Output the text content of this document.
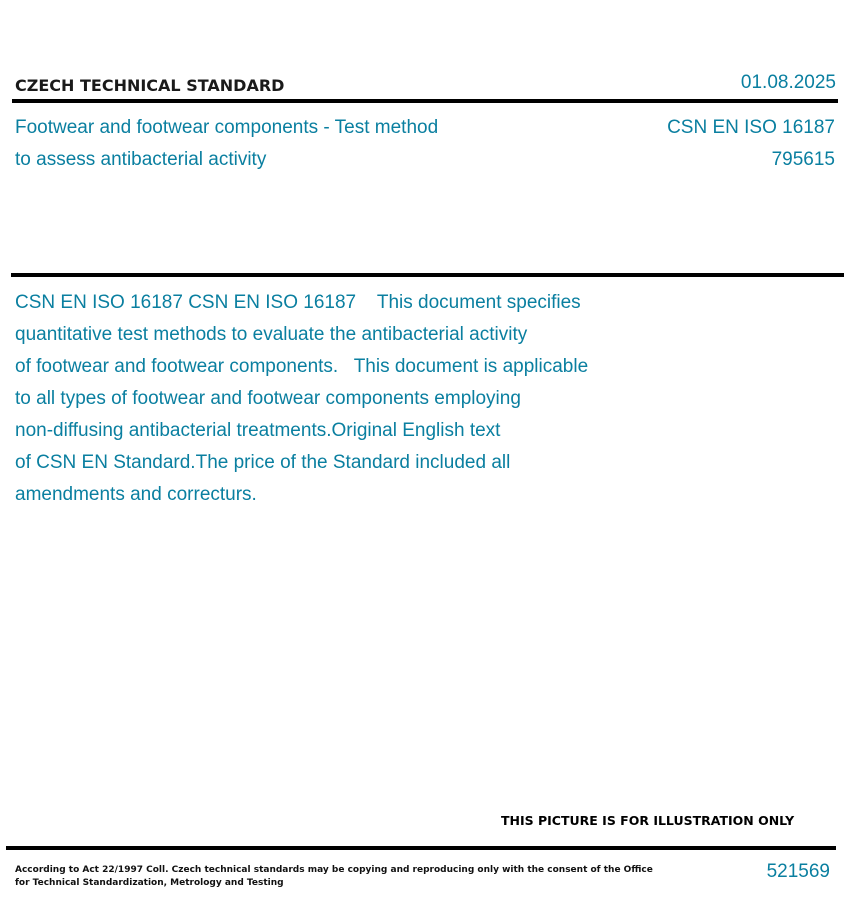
CZECH TECHNICAL STANDARD	01.08.2025
Footwear and footwear components - Test method
to assess antibacterial activity
CSN EN ISO 16187
795615
CSN EN ISO 16187 CSN EN ISO 16187    This document specifies
quantitative test methods to evaluate the antibacterial activity
of footwear and footwear components.   This document is applicable
to all types of footwear and footwear components employing
non-diffusing antibacterial treatments.Original English text
of CSN EN Standard.The price of the Standard included all
amendments and correcturs.
THIS PICTURE IS FOR ILLUSTRATION ONLY
According to Act 22/1997 Coll. Czech technical standards may be copying and reproducing only with the consent of the Office
for Technical Standardization, Metrology and Testing
521569
